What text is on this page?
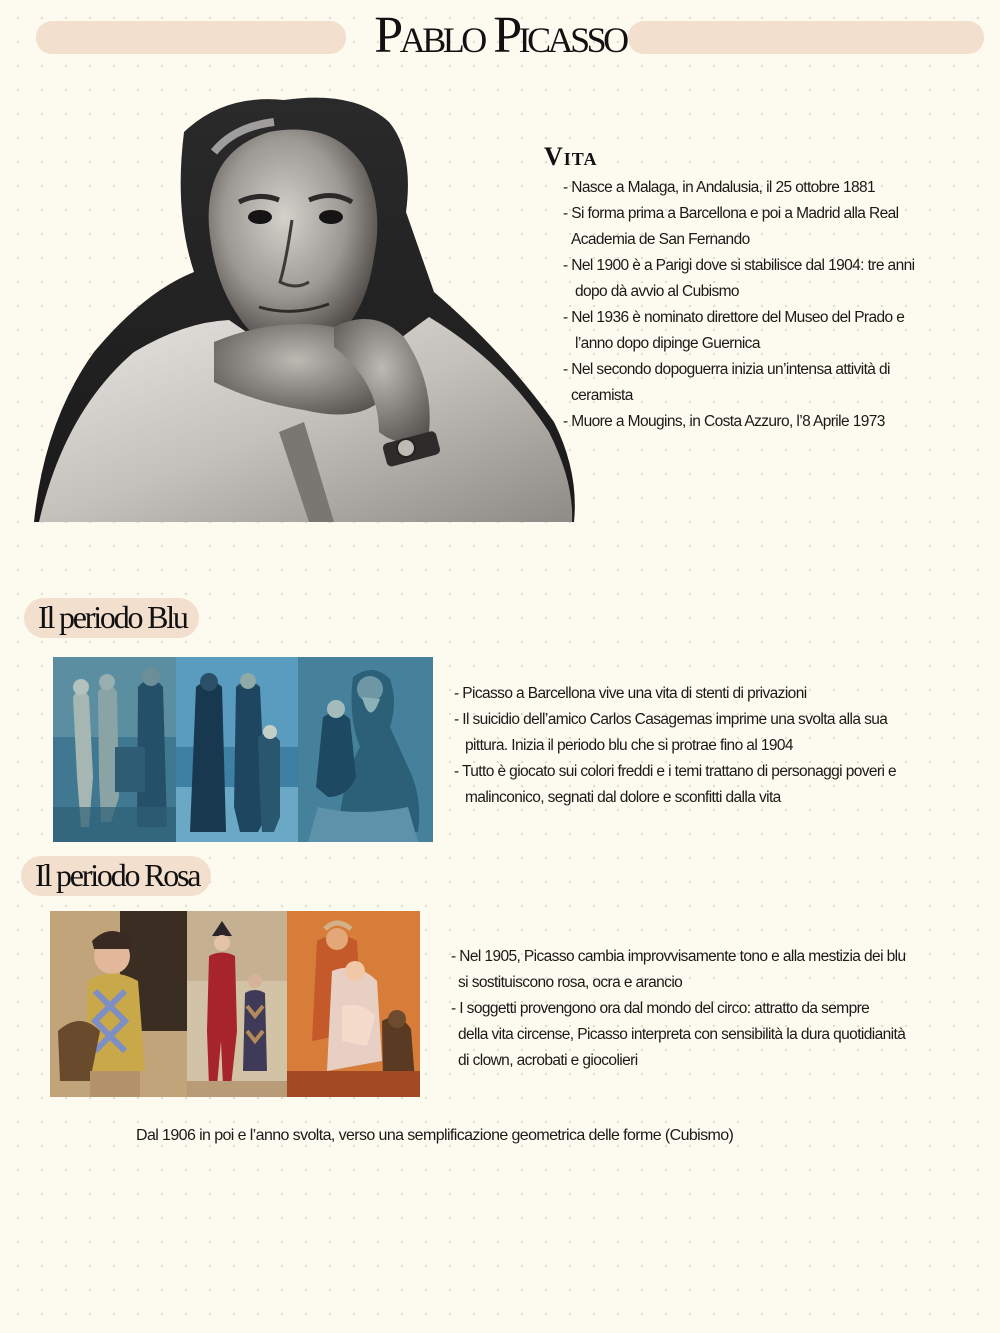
Pablo Picasso
Vita
- Nasce a Malaga, in Andalusia, il 25 ottobre 1881
- Si forma prima a Barcellona e poi a Madrid alla Real
Academia de San Fernando
- Nel 1900 è a Parigi dove si stabilisce dal 1904: tre anni
dopo dà avvio al Cubismo
- Nel 1936 è nominato direttore del Museo del Prado e
l’anno dopo dipinge Guernica
- Nel secondo dopoguerra inizia un’intensa attività di
ceramista
- Muore a Mougins, in Costa Azzuro, l’8 Aprile 1973
Il periodo Blu
- Picasso a Barcellona vive una vita di stenti di privazioni
- Il suicidio dell’amico Carlos Casagemas imprime una svolta alla sua
pittura. Inizia il periodo blu che si protrae fino al 1904
- Tutto è giocato sui colori freddi e i temi trattano di personaggi poveri e
malinconico, segnati dal dolore e sconfitti dalla vita
Il periodo Rosa
- Nel 1905, Picasso cambia improvvisamente tono e alla mestizia dei blu
si sostituiscono rosa, ocra e arancio
- I soggetti provengono ora dal mondo del circo: attratto da sempre
della vita circense, Picasso interpreta con sensibilità la dura quotidianità
di clown, acrobati e giocolieri
Dal 1906 in poi e l’anno svolta, verso una semplificazione geometrica delle forme (Cubismo)
